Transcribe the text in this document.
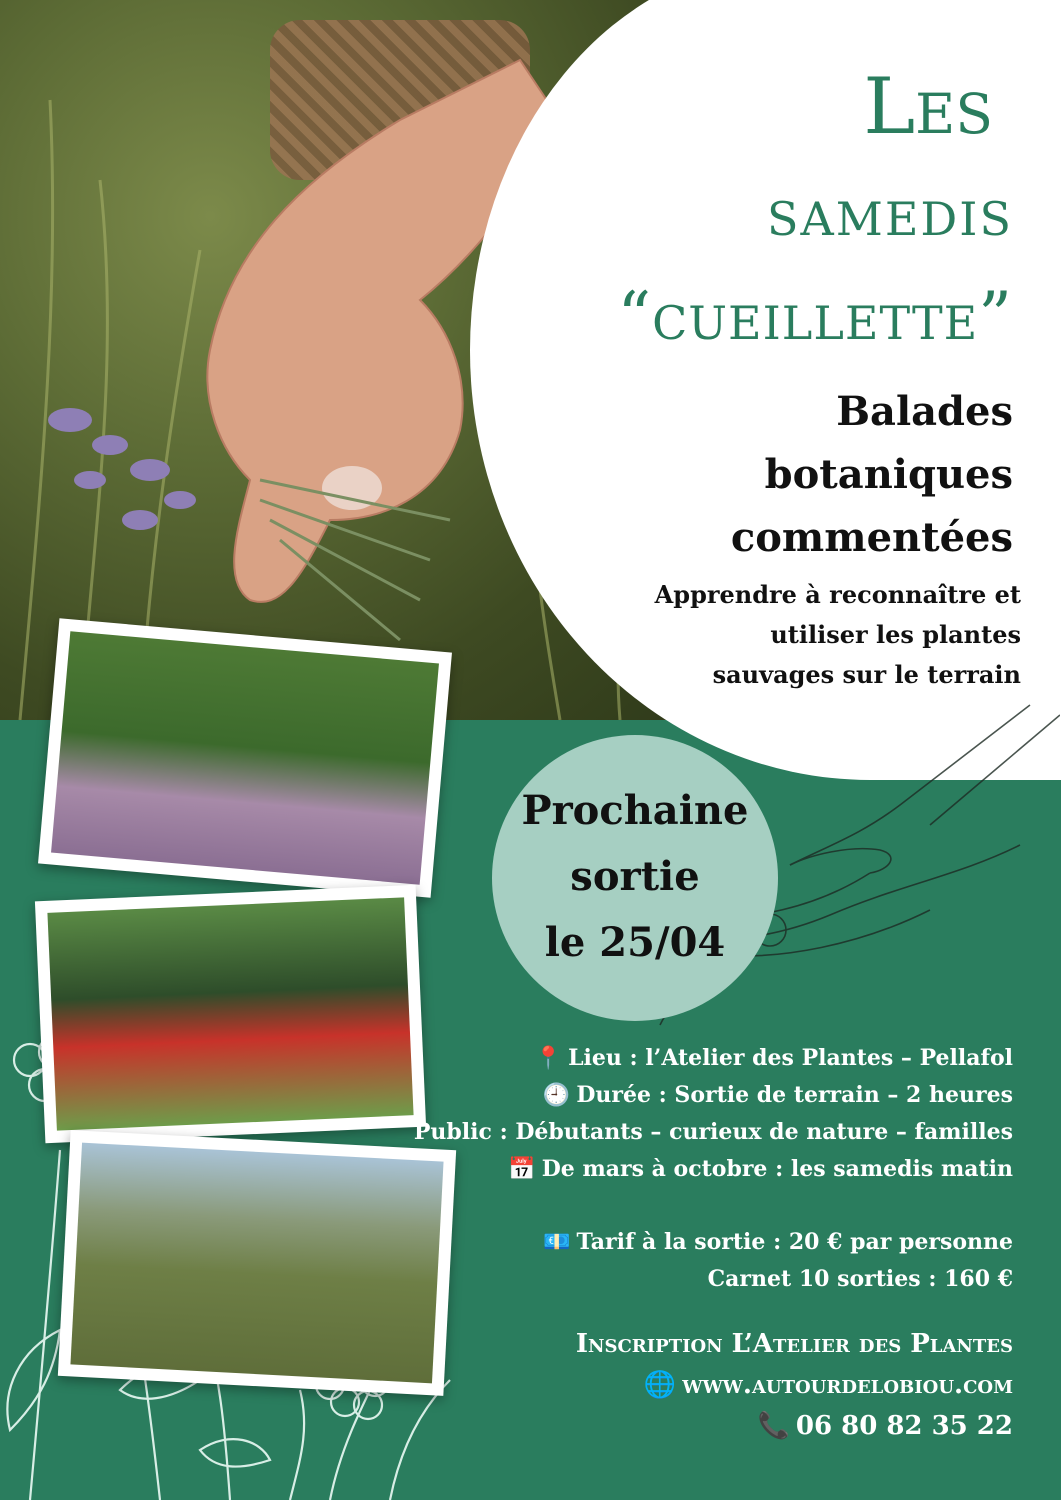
Les
samedis
“cueillette”
Balades
botaniques
commentées
Apprendre à reconnaître et
utiliser les plantes
sauvages sur le terrain
Prochaine
sortie
le 25/04
📍 Lieu : l’Atelier des Plantes – Pellafol
🕘 Durée : Sortie de terrain – 2 heures
Public : Débutants – curieux de nature – familles
📅 De mars à octobre : les samedis matin
💶 Tarif à la sortie : 20 € par personne
Carnet 10 sorties : 160 €
Inscription L’Atelier des Plantes
🌐 www.autourdelobiou.com
📞 06 80 82 35 22
